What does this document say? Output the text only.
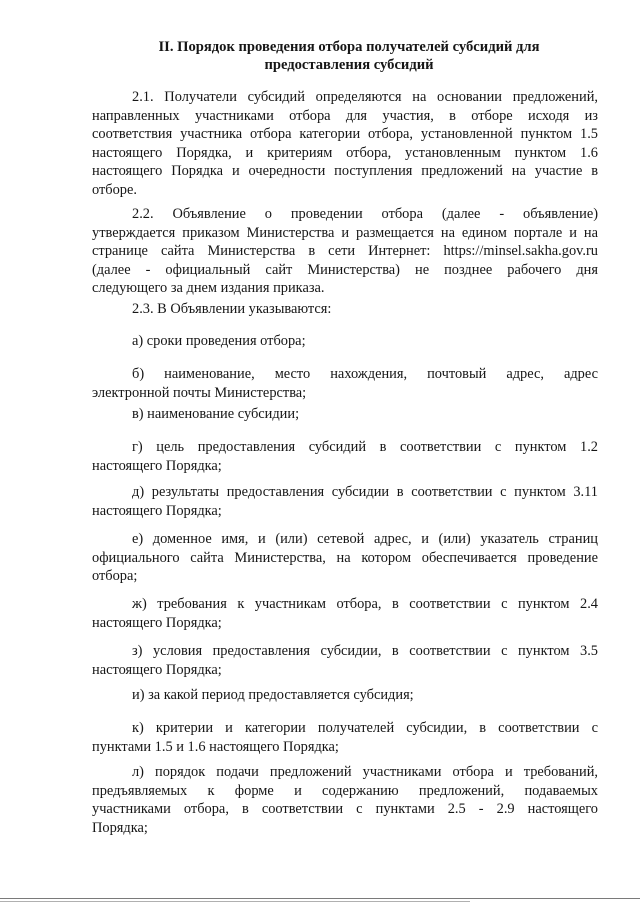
II. Порядок проведения отбора получателей субсидий для
предоставления субсидий
2.1. Получатели субсидий определяются на основании предложений,
направленных участниками отбора для участия, в отборе исходя из
соответствия участника отбора категории отбора, установленной пунктом 1.5
настоящего Порядка, и критериям отбора, установленным пунктом 1.6
настоящего Порядка и очередности поступления предложений на участие в
отборе.
2.2. Объявление о проведении отбора (далее - объявление)
утверждается приказом Министерства и размещается на едином портале и на
странице сайта Министерства в сети Интернет: https://minsel.sakha.gov.ru
(далее - официальный сайт Министерства) не позднее рабочего дня
следующего за днем издания приказа.
2.3. В Объявлении указываются:
а) сроки проведения отбора;
б) наименование, место нахождения, почтовый адрес, адрес
электронной почты Министерства;
в) наименование субсидии;
г) цель предоставления субсидий в соответствии с пунктом 1.2
настоящего Порядка;
д) результаты предоставления субсидии в соответствии с пунктом 3.11
настоящего Порядка;
е) доменное имя, и (или) сетевой адрес, и (или) указатель страниц
официального сайта Министерства, на котором обеспечивается проведение
отбора;
ж) требования к участникам отбора, в соответствии с пунктом 2.4
настоящего Порядка;
з) условия предоставления субсидии, в соответствии с пунктом 3.5
настоящего Порядка;
и) за какой период предоставляется субсидия;
к) критерии и категории получателей субсидии, в соответствии с
пунктами 1.5 и 1.6 настоящего Порядка;
л) порядок подачи предложений участниками отбора и требований,
предъявляемых к форме и содержанию предложений, подаваемых
участниками отбора, в соответствии с пунктами 2.5 - 2.9 настоящего
Порядка;
